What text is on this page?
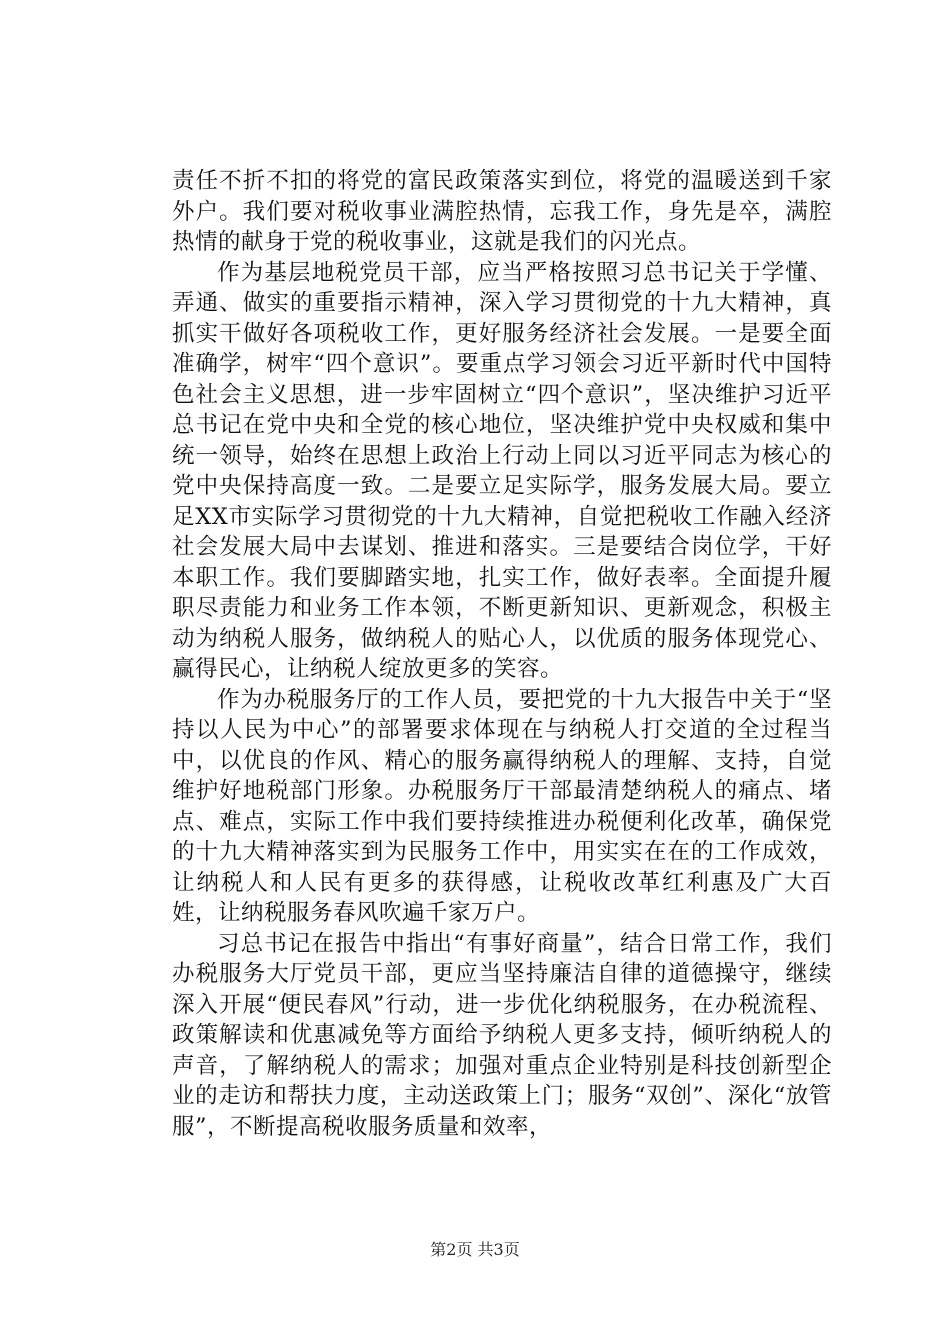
责任不折不扣的将党的富民政策落实到位，将党的温暖送到千家外户。我们要对税收事业满腔热情，忘我工作，身先是卒，满腔热情的献身于党的税收事业，这就是我们的闪光点。

作为基层地税党员干部，应当严格按照习总书记关于学懂、弄通、做实的重要指示精神，深入学习贯彻党的十九大精神，真抓实干做好各项税收工作，更好服务经济社会发展。一是要全面准确学，树牢“四个意识”。要重点学习领会习近平新时代中国特色社会主义思想，进一步牢固树立“四个意识”，坚决维护习近平总书记在党中央和全党的核心地位，坚决维护党中央权威和集中统一领导，始终在思想上政治上行动上同以习近平同志为核心的党中央保持高度一致。二是要立足实际学，服务发展大局。要立足XX市实际学习贯彻党的十九大精神，自觉把税收工作融入经济社会发展大局中去谋划、推进和落实。三是要结合岗位学，干好本职工作。我们要脚踏实地，扎实工作，做好表率。全面提升履职尽责能力和业务工作本领，不断更新知识、更新观念，积极主动为纳税人服务，做纳税人的贴心人，以优质的服务体现党心、赢得民心，让纳税人绽放更多的笑容。

作为办税服务厅的工作人员，要把党的十九大报告中关于“坚持以人民为中心”的部署要求体现在与纳税人打交道的全过程当中，以优良的作风、精心的服务赢得纳税人的理解、支持，自觉维护好地税部门形象。办税服务厅干部最清楚纳税人的痛点、堵点、难点，实际工作中我们要持续推进办税便利化改革，确保党的十九大精神落实到为民服务工作中，用实实在在的工作成效，让纳税人和人民有更多的获得感，让税收改革红利惠及广大百姓，让纳税服务春风吹遍千家万户。

习总书记在报告中指出“有事好商量”，结合日常工作，我们办税服务大厅党员干部，更应当坚持廉洁自律的道德操守，继续深入开展“便民春风”行动，进一步优化纳税服务，在办税流程、政策解读和优惠减免等方面给予纳税人更多支持，倾听纳税人的声音，了解纳税人的需求；加强对重点企业特别是科技创新型企业的走访和帮扶力度，主动送政策上门；服务“双创”、深化“放管服”，不断提高税收服务质量和效率，

第2页 共3页
